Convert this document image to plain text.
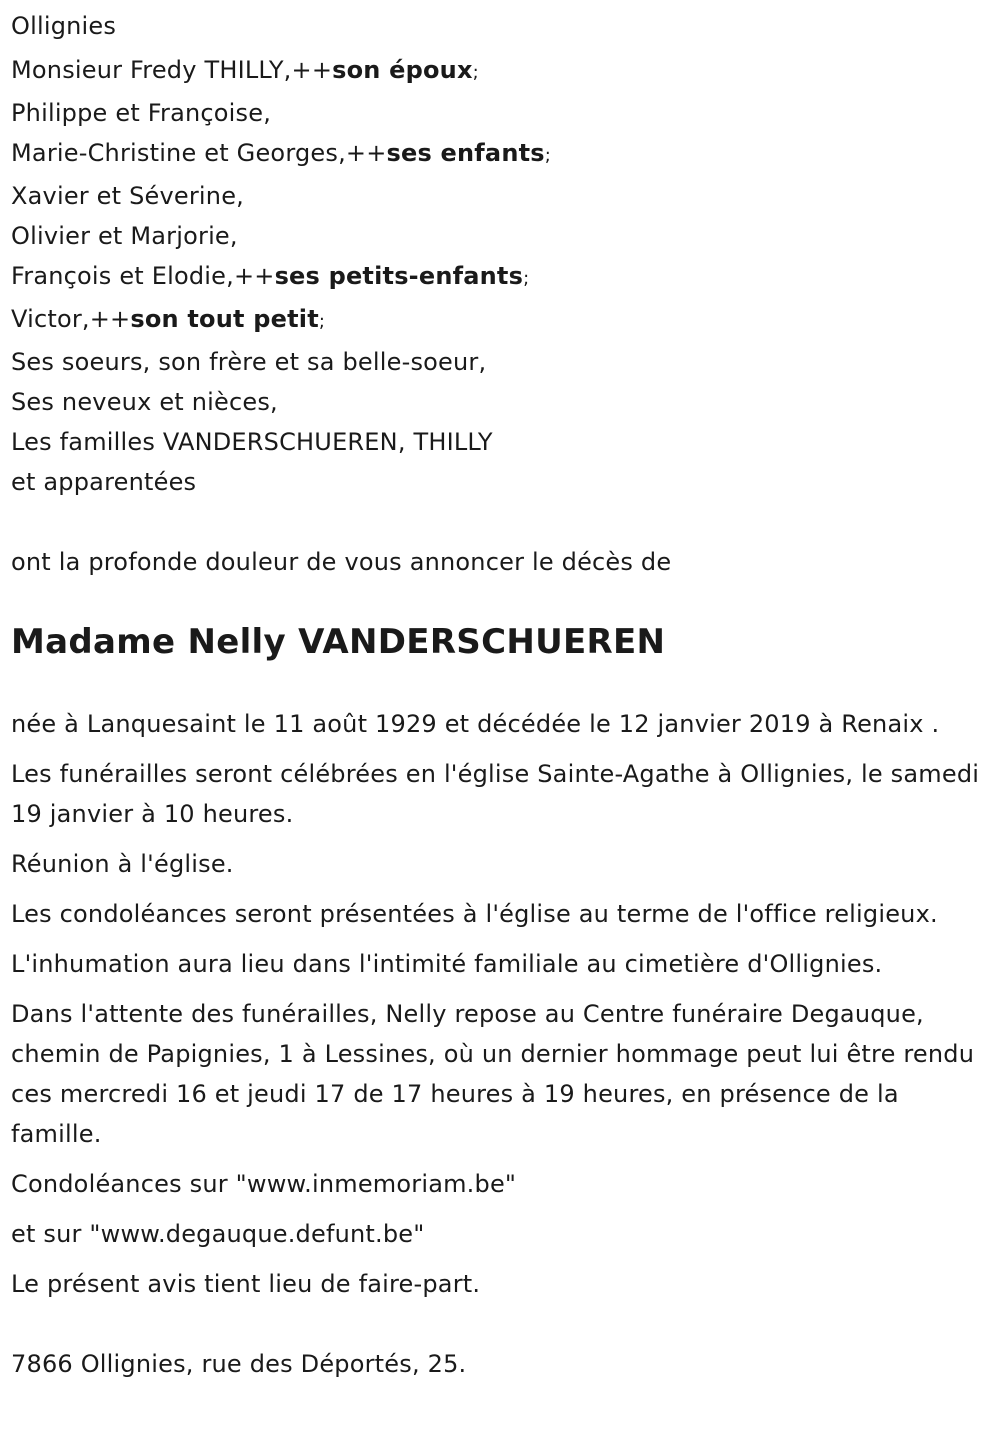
Ollignies
Monsieur Fredy THILLY,++son époux;
Philippe et Françoise,
Marie-Christine et Georges,++ses enfants;
Xavier et Séverine,
Olivier et Marjorie,
François et Elodie,++ses petits-enfants;
Victor,++son tout petit;
Ses soeurs, son frère et sa belle-soeur,
Ses neveux et nièces,
Les familles VANDERSCHUEREN, THILLY
et apparentées
ont la profonde douleur de vous annoncer le décès de
Madame Nelly VANDERSCHUEREN

née à Lanquesaint le 11 août 1929 et décédée le 12 janvier 2019 à Renaix .

Les funérailles seront célébrées en l'église Sainte-Agathe à Ollignies, le samedi 19 janvier à 10 heures.

Réunion à l'église.

Les condoléances seront présentées à l'église au terme de l'office religieux.

L'inhumation aura lieu dans l'intimité familiale au cimetière d'Ollignies.

Dans l'attente des funérailles, Nelly repose au Centre funéraire Degauque, chemin de Papignies, 1 à Lessines, où un dernier hommage peut lui être rendu ces mercredi 16 et jeudi 17 de 17 heures à 19 heures, en présence de la famille.

Condoléances sur "www.inmemoriam.be"

et sur "www.degauque.defunt.be"

Le présent avis tient lieu de faire-part.

7866 Ollignies, rue des Déportés, 25.
